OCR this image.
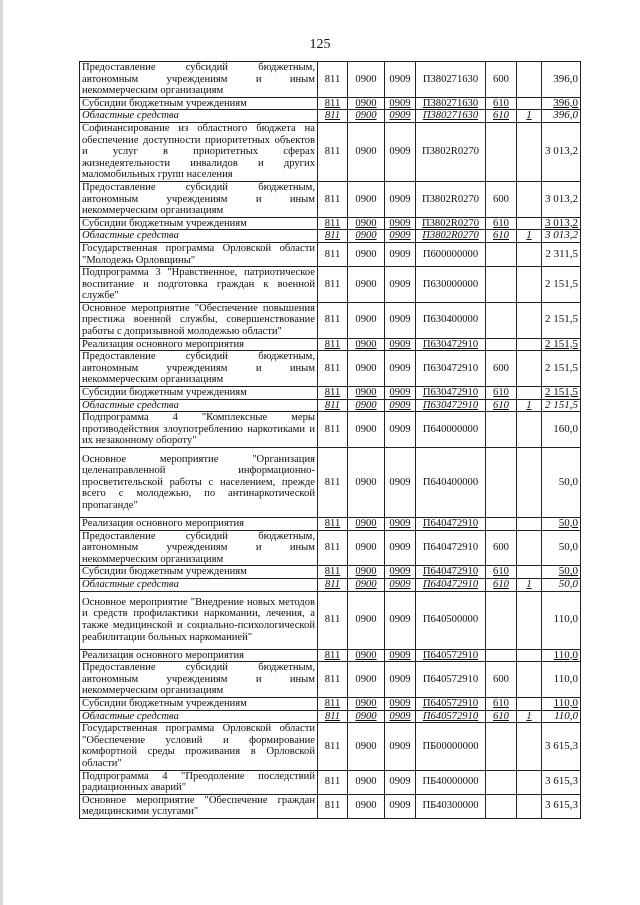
125
Предоставление субсидий бюджетным, автономным учреждениям и иным некоммерческим организациям	811	0900	0909	П380271630	600		396,0
Субсидии бюджетным учреждениям	811	0900	0909	П380271630	610		396,0
Областные средства	811	0900	0909	П380271630	610	1	396,0
Софинансирование из областного бюджета на обеспечение доступности приоритетных объектов и услуг в приоритетных сферах жизнедеятельности инвалидов и других маломобильных групп населения	811	0900	0909	П3802R0270			3 013,2
Предоставление субсидий бюджетным, автономным учреждениям и иным некоммерческим организациям	811	0900	0909	П3802R0270	600		3 013,2
Субсидии бюджетным учреждениям	811	0900	0909	П3802R0270	610		3 013,2
Областные средства	811	0900	0909	П3802R0270	610	1	3 013,2
Государственная программа Орловской области "Молодежь Орловщины"	811	0900	0909	П600000000			2 311,5
Подпрограмма 3 "Нравственное, патриотическое воспитание и подготовка граждан к военной службе"	811	0900	0909	П630000000			2 151,5
Основное мероприятие "Обеспечение повышения престижа военной службы, совершенствование работы с допризывной молодежью области"	811	0900	0909	П630400000			2 151,5
Реализация основного мероприятия	811	0900	0909	П630472910			2 151,5
Предоставление субсидий бюджетным, автономным учреждениям и иным некоммерческим организациям	811	0900	0909	П630472910	600		2 151,5
Субсидии бюджетным учреждениям	811	0900	0909	П630472910	610		2 151,5
Областные средства	811	0900	0909	П630472910	610	1	2 151,5
Подпрограмма 4 "Комплексные меры противодействия злоупотреблению наркотиками и их незаконному обороту"	811	0900	0909	П640000000			160,0
Основное мероприятие "Организация целенаправленной информационно-просветительской работы с населением, прежде всего с молодежью, по антинаркотической пропаганде"	811	0900	0909	П640400000			50,0
Реализация основного мероприятия	811	0900	0909	П640472910			50,0
Предоставление субсидий бюджетным, автономным учреждениям и иным некоммерческим организациям	811	0900	0909	П640472910	600		50,0
Субсидии бюджетным учреждениям	811	0900	0909	П640472910	610		50,0
Областные средства	811	0900	0909	П640472910	610	1	50,0
Основное мероприятие "Внедрение новых методов и средств профилактики наркомании, лечения, а также медицинской и социально-психологической реабилитации больных наркоманией"	811	0900	0909	П640500000			110,0
Реализация основного мероприятия	811	0900	0909	П640572910			110,0
Предоставление субсидий бюджетным, автономным учреждениям и иным некоммерческим организациям	811	0900	0909	П640572910	600		110,0
Субсидии бюджетным учреждениям	811	0900	0909	П640572910	610		110,0
Областные средства	811	0900	0909	П640572910	610	1	110,0
Государственная программа Орловской области "Обеспечение условий и формирование комфортной среды проживания в Орловской области"	811	0900	0909	ПБ00000000			3 615,3
Подпрограмма 4 "Преодоление последствий радиационных аварий"	811	0900	0909	ПБ40000000			3 615,3
Основное мероприятие "Обеспечение граждан медицинскими услугами"	811	0900	0909	ПБ40300000			3 615,3
